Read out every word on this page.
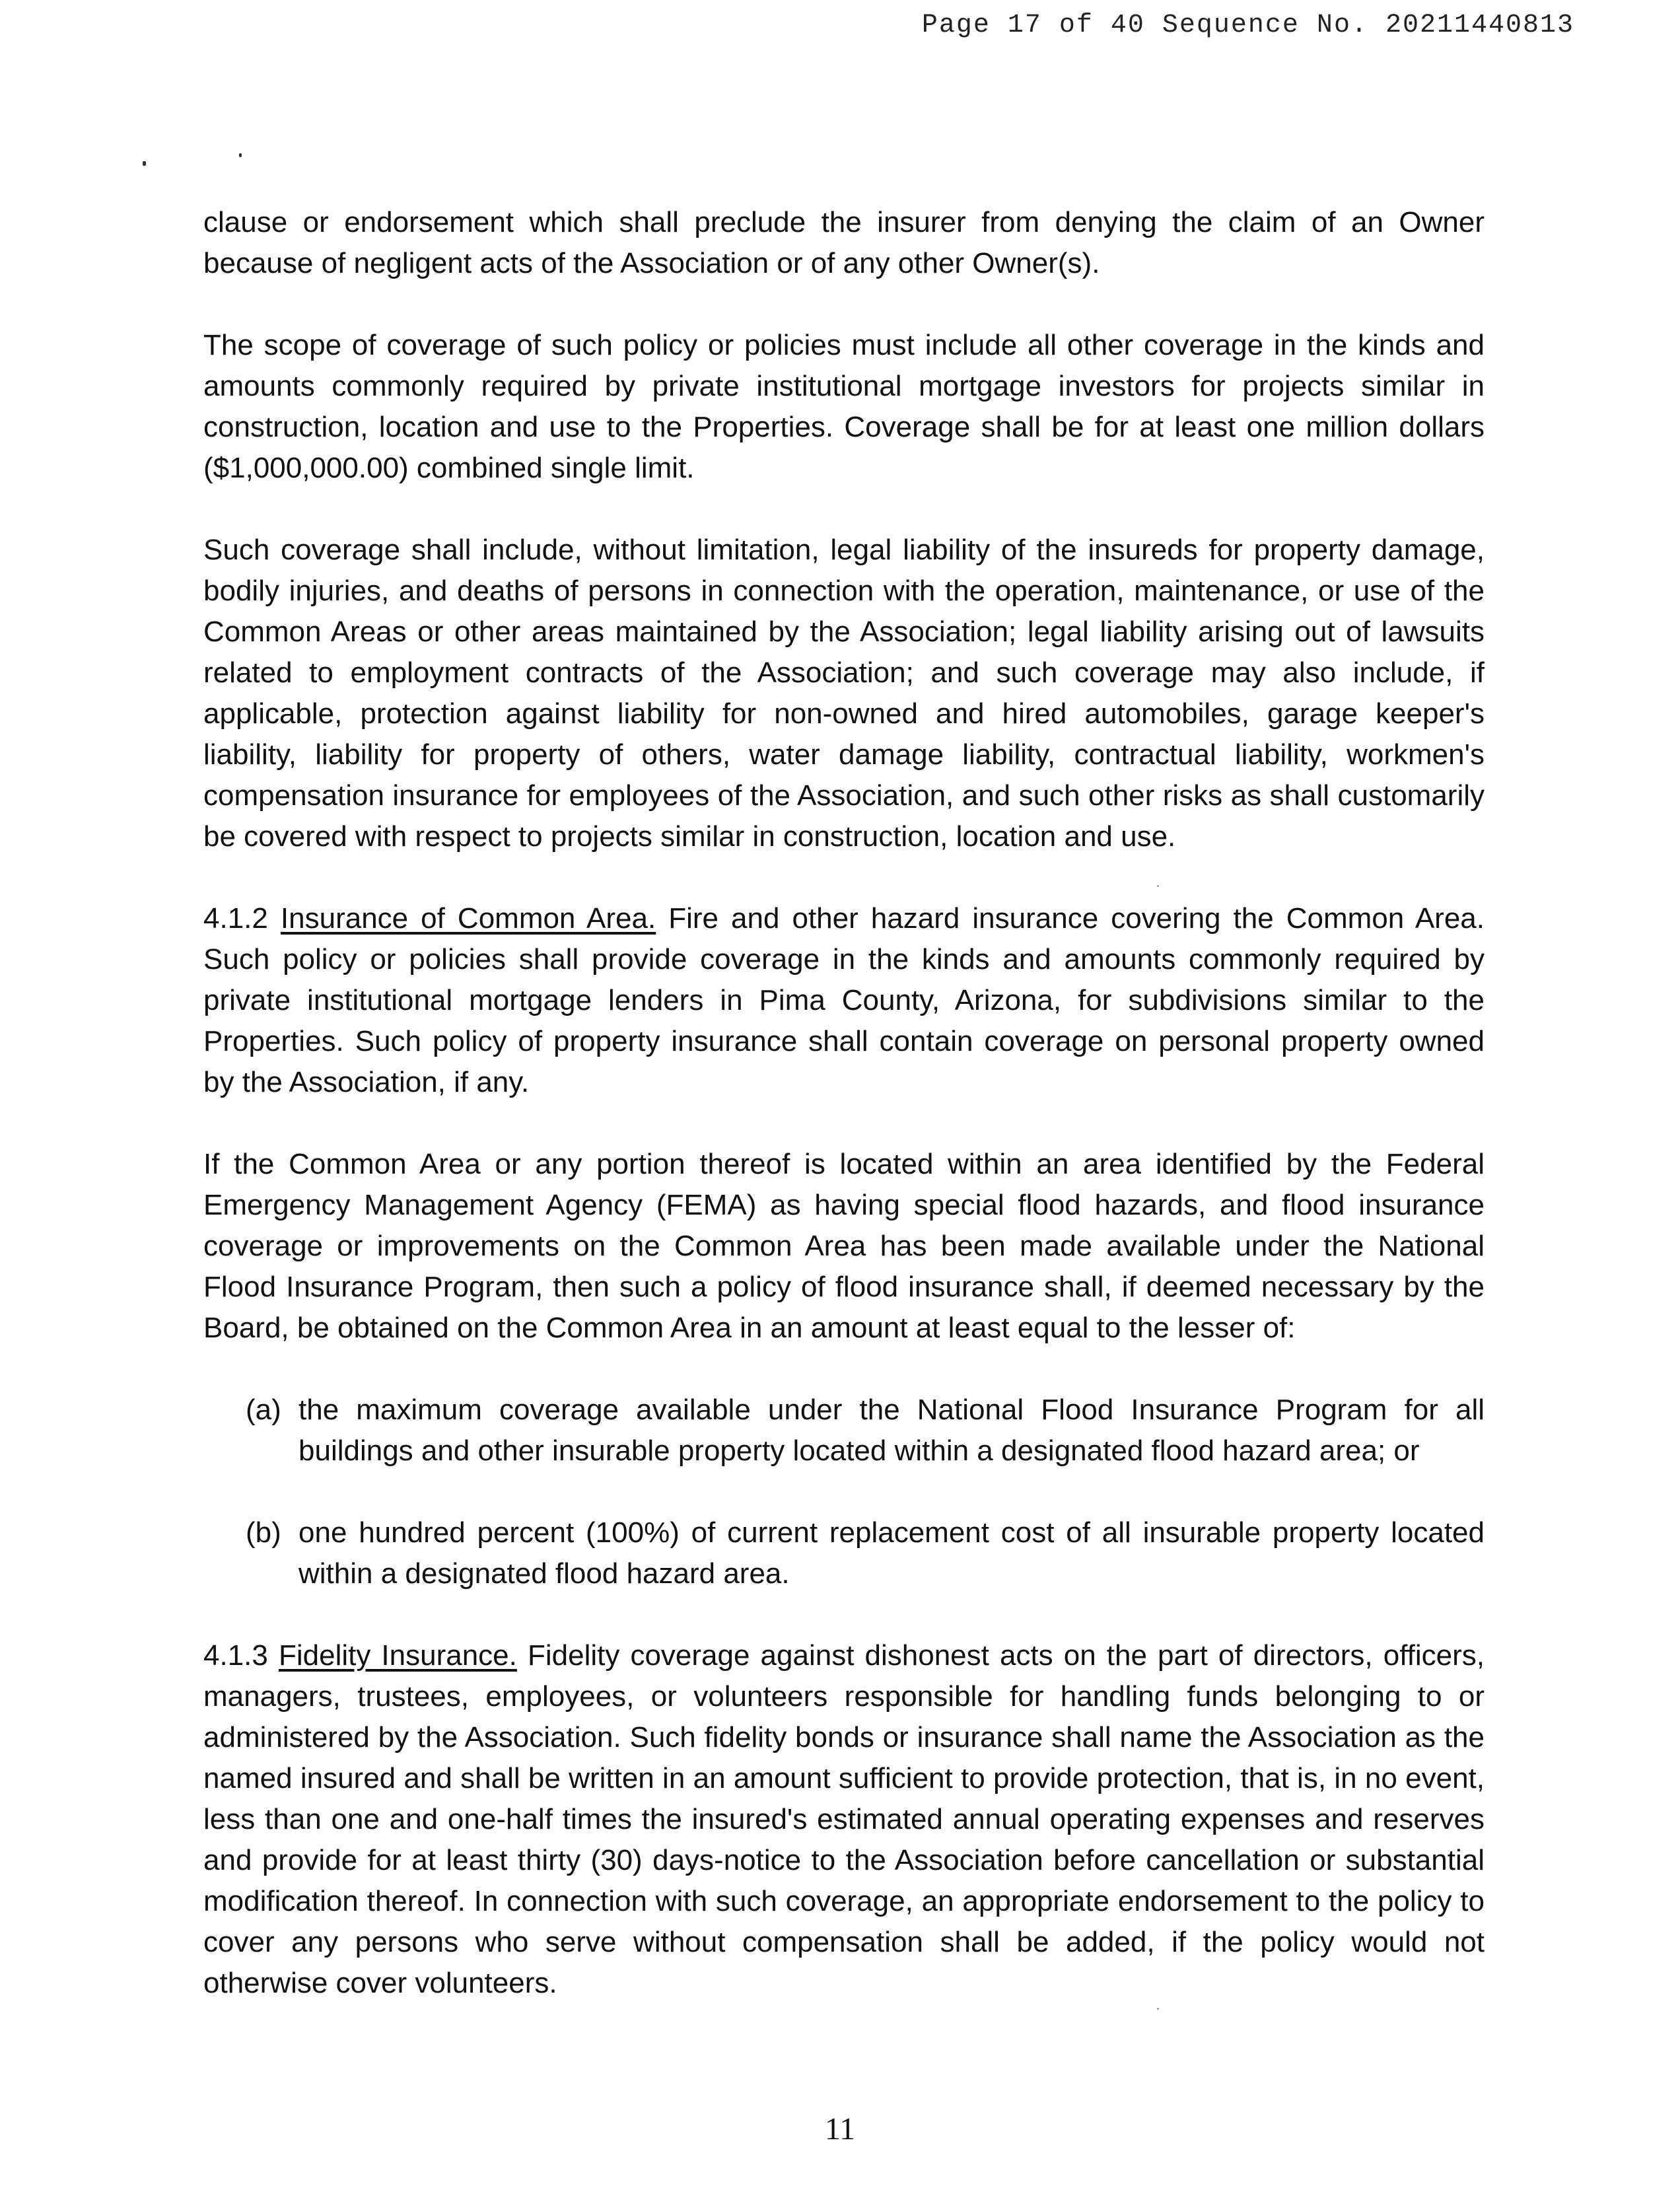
Page 17 of 40 Sequence No. 20211440813

clause or endorsement which shall preclude the insurer from denying the claim of an Owner because of negligent acts of the Association or of any other Owner(s).

The scope of coverage of such policy or policies must include all other coverage in the kinds and amounts commonly required by private institutional mortgage investors for projects similar in construction, location and use to the Properties. Coverage shall be for at least one million dollars ($1,000,000.00) combined single limit.

Such coverage shall include, without limitation, legal liability of the insureds for property damage, bodily injuries, and deaths of persons in connection with the operation, maintenance, or use of the Common Areas or other areas maintained by the Association; legal liability arising out of lawsuits related to employment contracts of the Association; and such coverage may also include, if applicable, protection against liability for non-owned and hired automobiles, garage keeper's liability, liability for property of others, water damage liability, contractual liability, workmen's compensation insurance for employees of the Association, and such other risks as shall customarily be covered with respect to projects similar in construction, location and use.

4.1.2 Insurance of Common Area. Fire and other hazard insurance covering the Common Area. Such policy or policies shall provide coverage in the kinds and amounts commonly required by private institutional mortgage lenders in Pima County, Arizona, for subdivisions similar to the Properties. Such policy of property insurance shall contain coverage on personal property owned by the Association, if any.

If the Common Area or any portion thereof is located within an area identified by the Federal Emergency Management Agency (FEMA) as having special flood hazards, and flood insurance coverage or improvements on the Common Area has been made available under the National Flood Insurance Program, then such a policy of flood insurance shall, if deemed necessary by the Board, be obtained on the Common Area in an amount at least equal to the lesser of:

(a) the maximum coverage available under the National Flood Insurance Program for all buildings and other insurable property located within a designated flood hazard area; or
(b) one hundred percent (100%) of current replacement cost of all insurable property located within a designated flood hazard area.

4.1.3 Fidelity Insurance. Fidelity coverage against dishonest acts on the part of directors, officers, managers, trustees, employees, or volunteers responsible for handling funds belonging to or administered by the Association. Such fidelity bonds or insurance shall name the Association as the named insured and shall be written in an amount sufficient to provide protection, that is, in no event, less than one and one-half times the insured's estimated annual operating expenses and reserves and provide for at least thirty (30) days-notice to the Association before cancellation or substantial modification thereof. In connection with such coverage, an appropriate endorsement to the policy to cover any persons who serve without compensation shall be added, if the policy would not otherwise cover volunteers.

11
